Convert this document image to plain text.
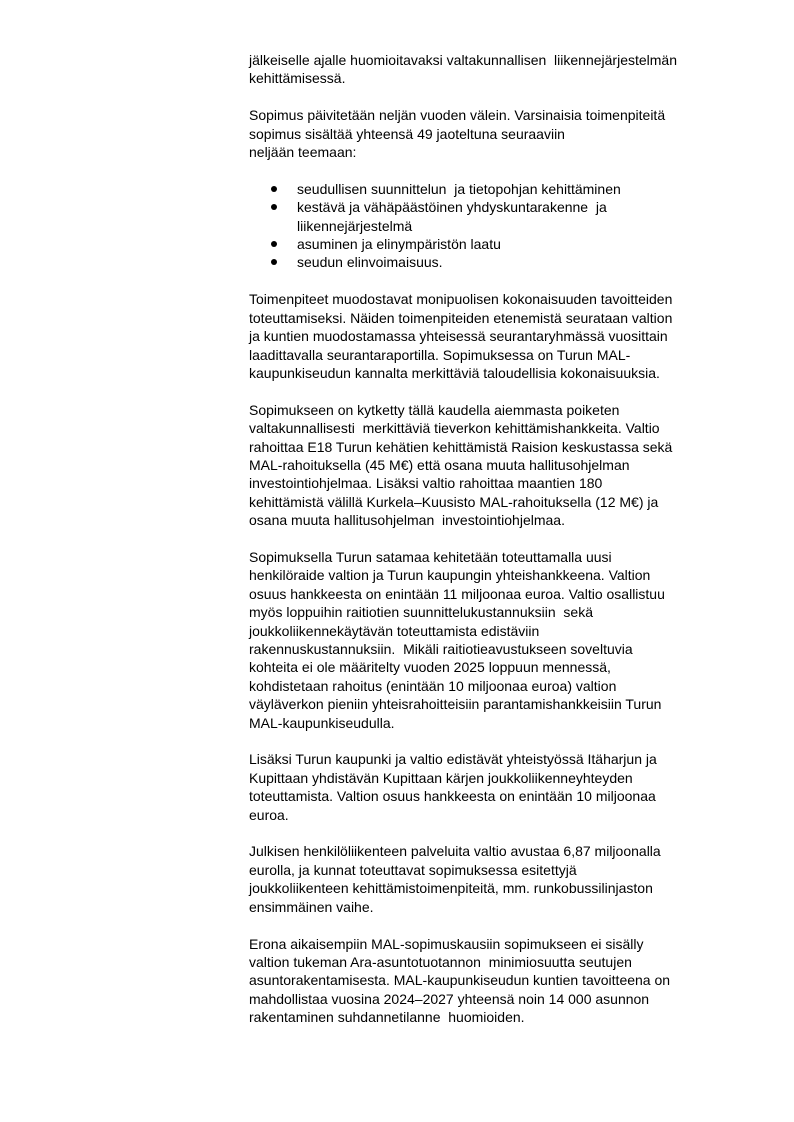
jälkeiselle ajalle huomioitavaksi valtakunnallisen  liikennejärjestelmän
kehittämisessä.
Sopimus päivitetään neljän vuoden välein. Varsinaisia toimenpiteitä
sopimus sisältää yhteensä 49 jaoteltuna seuraaviin
neljään teemaan:
seudullisen suunnittelun  ja tietopohjan kehittäminen
kestävä ja vähäpäästöinen yhdyskuntarakenne  ja
liikennejärjestelmä
asuminen ja elinympäristön laatu
seudun elinvoimaisuus.
Toimenpiteet muodostavat monipuolisen kokonaisuuden tavoitteiden
toteuttamiseksi. Näiden toimenpiteiden etenemistä seurataan valtion
ja kuntien muodostamassa yhteisessä seurantaryhmässä vuosittain
laadittavalla seurantaraportilla. Sopimuksessa on Turun MAL-
kaupunkiseudun kannalta merkittäviä taloudellisia kokonaisuuksia.
Sopimukseen on kytketty tällä kaudella aiemmasta poiketen
valtakunnallisesti  merkittäviä tieverkon kehittämishankkeita. Valtio
rahoittaa E18 Turun kehätien kehittämistä Raision keskustassa sekä
MAL-rahoituksella (45 M€) että osana muuta hallitusohjelman
investointiohjelmaa. Lisäksi valtio rahoittaa maantien 180
kehittämistä välillä Kurkela–Kuusisto MAL-rahoituksella (12 M€) ja
osana muuta hallitusohjelman  investointiohjelmaa.
Sopimuksella Turun satamaa kehitetään toteuttamalla uusi
henkilöraide valtion ja Turun kaupungin yhteishankkeena. Valtion
osuus hankkeesta on enintään 11 miljoonaa euroa. Valtio osallistuu
myös loppuihin raitiotien suunnittelukustannuksiin  sekä
joukkoliikennekäytävän toteuttamista edistäviin
rakennuskustannuksiin.  Mikäli raitiotieavustukseen soveltuvia
kohteita ei ole määritelty vuoden 2025 loppuun mennessä,
kohdistetaan rahoitus (enintään 10 miljoonaa euroa) valtion
väyläverkon pieniin yhteisrahoitteisiin parantamishankkeisiin Turun
MAL-kaupunkiseudulla.
Lisäksi Turun kaupunki ja valtio edistävät yhteistyössä Itäharjun ja
Kupittaan yhdistävän Kupittaan kärjen joukkoliikenneyhteyden
toteuttamista. Valtion osuus hankkeesta on enintään 10 miljoonaa
euroa.
Julkisen henkilöliikenteen palveluita valtio avustaa 6,87 miljoonalla
eurolla, ja kunnat toteuttavat sopimuksessa esitettyjä
joukkoliikenteen kehittämistoimenpiteitä, mm. runkobussilinjaston
ensimmäinen vaihe.
Erona aikaisempiin MAL-sopimuskausiin sopimukseen ei sisälly
valtion tukeman Ara-asuntotuotannon  minimiosuutta seutujen
asuntorakentamisesta. MAL-kaupunkiseudun kuntien tavoitteena on
mahdollistaa vuosina 2024–2027 yhteensä noin 14 000 asunnon
rakentaminen suhdannetilanne  huomioiden.
